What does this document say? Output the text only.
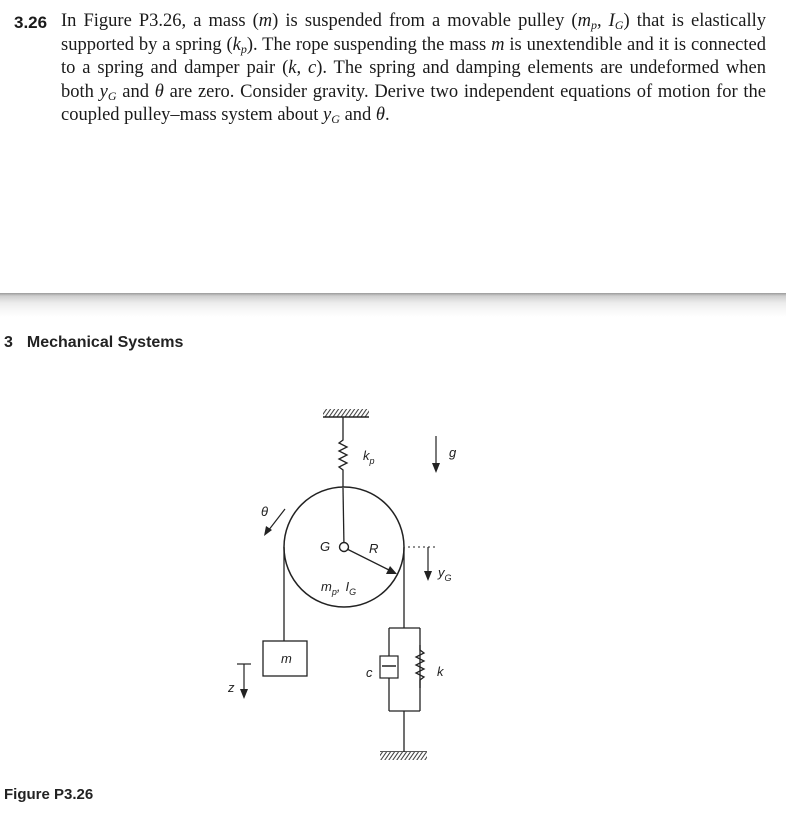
3.26 In Figure P3.26, a mass (m) is suspended from a movable pulley ($m_p$, $I_G$) that is elastically supported by a spring $(k_p)$. The rope suspending the mass m is unextendible and it is connected to a spring and damper pair (k, c). The spring and damping elements are undeformed when both $y_G$ and θ are zero. Consider gravity. Derive two independent equations of motion for the coupled pulley–mass system about $y_G$ and θ.
3 Mechanical Systems
$k_p$
g
θ
G	R
$y_G$
$m_p$, $I_G$
m
c	k
z
Figure P3.26
